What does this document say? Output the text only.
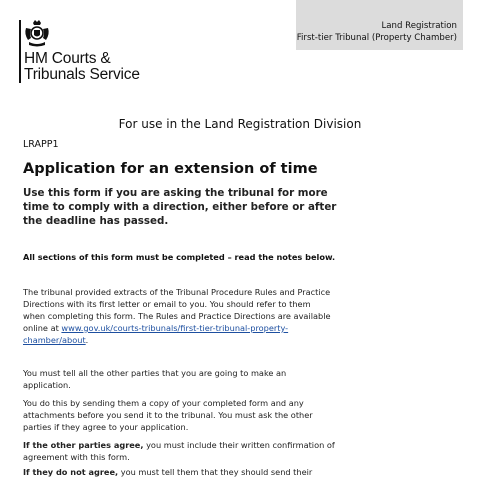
Land Registration
First-tier Tribunal (Property Chamber)
HM Courts &
Tribunals Service
For use in the Land Registration Division
LRAPP1
Application for an extension of time

Use this form if you are asking the tribunal for more time to comply with a direction, either before or after the deadline has passed.

All sections of this form must be completed – read the notes below.

The tribunal provided extracts of the Tribunal Procedure Rules and Practice Directions with its first letter or email to you. You should refer to them when completing this form. The Rules and Practice Directions are available online at www.gov.uk/courts-tribunals/first-tier-tribunal-property-chamber/about.

You must tell all the other parties that you are going to make an application.

You do this by sending them a copy of your completed form and any attachments before you send it to the tribunal. You must ask the other parties if they agree to your application.

If the other parties agree, you must include their written confirmation of agreement with this form.

If they do not agree, you must tell them that they should send their
